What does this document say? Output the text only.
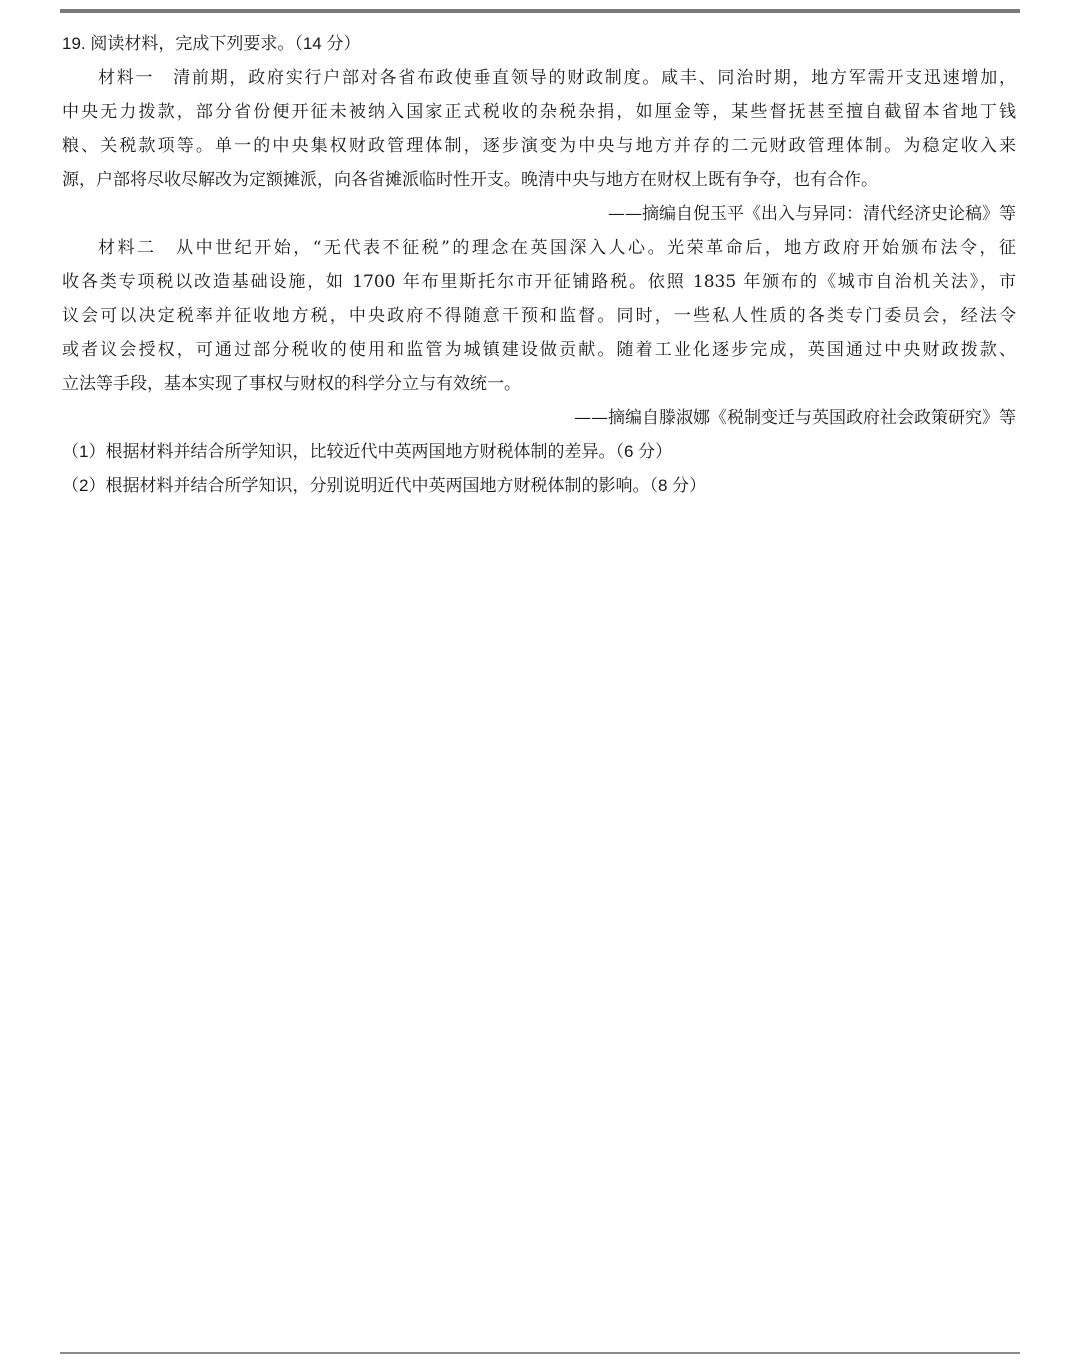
19. 阅读材料，完成下列要求。（14 分）
材料一　清前期，政府实行户部对各省布政使垂直领导的财政制度。咸丰、同治时期，地方军需开支迅速增加，
中央无力拨款，部分省份便开征未被纳入国家正式税收的杂税杂捐，如厘金等，某些督抚甚至擅自截留本省地丁钱
粮、关税款项等。单一的中央集权财政管理体制，逐步演变为中央与地方并存的二元财政管理体制。为稳定收入来
源，户部将尽收尽解改为定额摊派，向各省摊派临时性开支。晚清中央与地方在财权上既有争夺，也有合作。
——摘编自倪玉平《出入与异同：清代经济史论稿》等
材料二　从中世纪开始，“无代表不征税”的理念在英国深入人心。光荣革命后，地方政府开始颁布法令，征
收各类专项税以改造基础设施，如 1700 年布里斯托尔市开征铺路税。依照 1835 年颁布的《城市自治机关法》，市
议会可以决定税率并征收地方税，中央政府不得随意干预和监督。同时，一些私人性质的各类专门委员会，经法令
或者议会授权，可通过部分税收的使用和监管为城镇建设做贡献。随着工业化逐步完成，英国通过中央财政拨款、
立法等手段，基本实现了事权与财权的科学分立与有效统一。
——摘编自滕淑娜《税制变迁与英国政府社会政策研究》等
（1）根据材料并结合所学知识，比较近代中英两国地方财税体制的差异。（6 分）
（2）根据材料并结合所学知识，分别说明近代中英两国地方财税体制的影响。（8 分）
